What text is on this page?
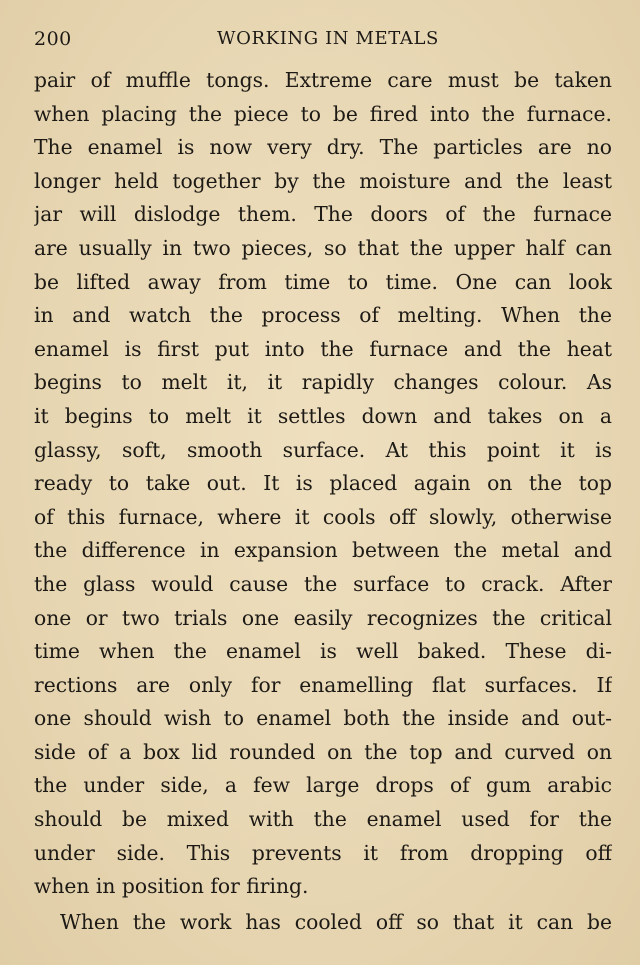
200	WORKING IN METALS
pair of muffle tongs. Extreme care must be taken
when placing the piece to be fired into the furnace.
The enamel is now very dry. The particles are no
longer held together by the moisture and the least
jar will dislodge them. The doors of the furnace
are usually in two pieces, so that the upper half can
be lifted away from time to time. One can look
in and watch the process of melting. When the
enamel is first put into the furnace and the heat
begins to melt it, it rapidly changes colour. As
it begins to melt it settles down and takes on a
glassy, soft, smooth surface. At this point it is
ready to take out. It is placed again on the top
of this furnace, where it cools off slowly, otherwise
the difference in expansion between the metal and
the glass would cause the surface to crack. After
one or two trials one easily recognizes the critical
time when the enamel is well baked. These di-
rections are only for enamelling flat surfaces. If
one should wish to enamel both the inside and out-
side of a box lid rounded on the top and curved on
the under side, a few large drops of gum arabic
should be mixed with the enamel used for the
under side. This prevents it from dropping off
when in position for firing.
When the work has cooled off so that it can be
